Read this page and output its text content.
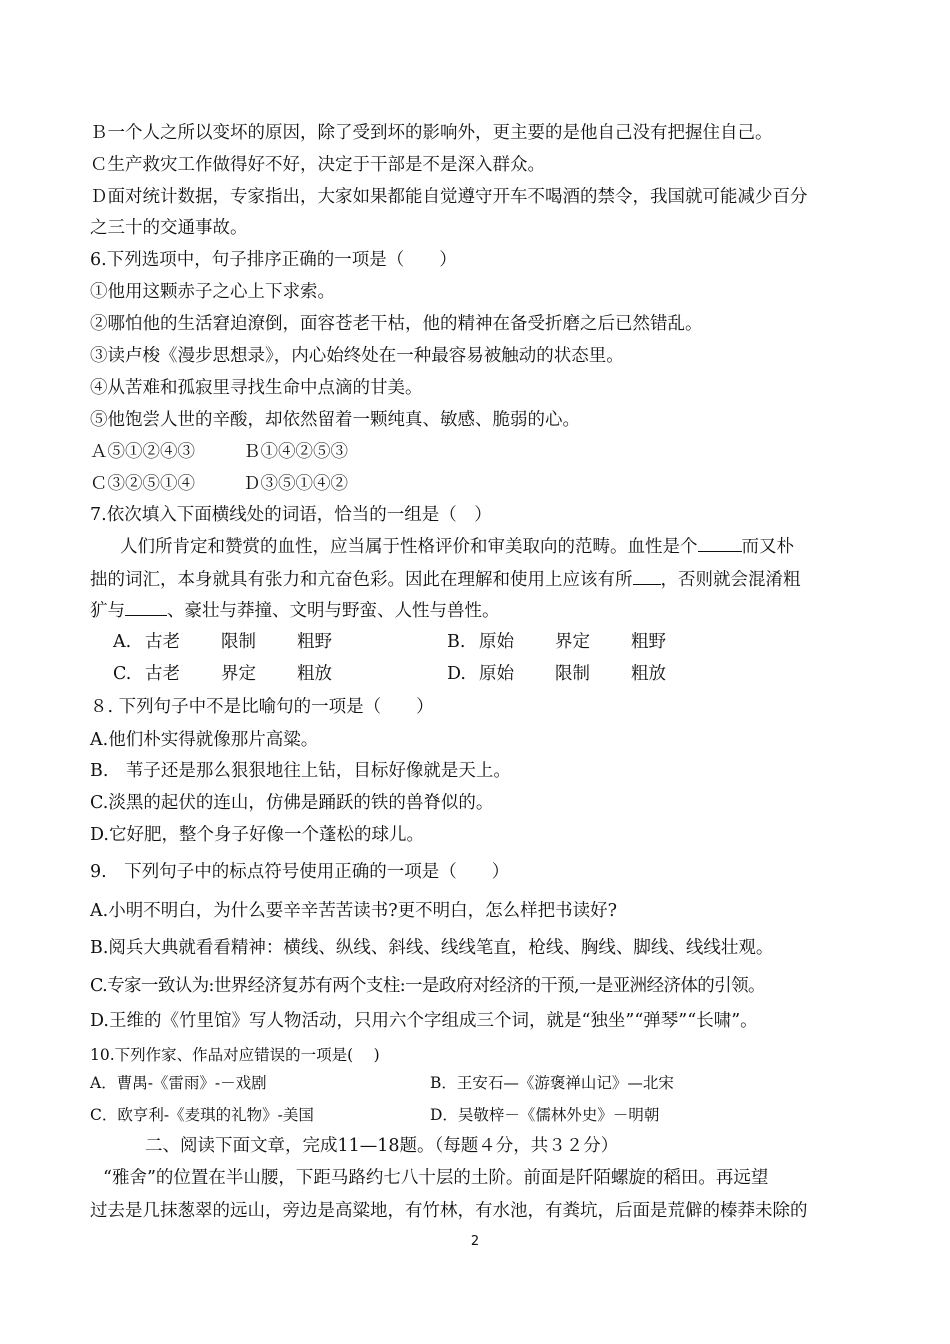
Ｂ一个人之所以变坏的原因，除了受到坏的影响外，更主要的是他自己没有把握住自己。
Ｃ生产救灾工作做得好不好，决定于干部是不是深入群众。
Ｄ面对统计数据，专家指出，大家如果都能自觉遵守开车不喝酒的禁令，我国就可能减少百分
之三十的交通事故。
6.下列选项中，句子排序正确的一项是（　　）
①他用这颗赤子之心上下求索。
②哪怕他的生活窘迫潦倒，面容苍老干枯，他的精神在备受折磨之后已然错乱。
③读卢梭《漫步思想录》，内心始终处在一种最容易被触动的状态里。
④从苦难和孤寂里寻找生命中点滴的甘美。
⑤他饱尝人世的辛酸，却依然留着一颗纯真、敏感、脆弱的心。
Ａ⑤①②④③	Ｂ①④②⑤③
Ｃ③②⑤①④	Ｄ③⑤①④②
7.依次填入下面横线处的词语，恰当的一组是（　）
人们所肯定和赞赏的血性，应当属于性格评价和审美取向的范畴。血性是个	而又朴
拙的词汇，本身就具有张力和亢奋色彩。因此在理解和使用上应该有所 ，否则就会混淆粗
犷与 、豪壮与莽撞、文明与野蛮、人性与兽性。
A. 古老 限制 粗野	B. 原始 界定 粗野
C. 古老 界定 粗放	D. 原始 限制 粗放
８. 下列句子中不是比喻句的一项是（　　）
A.他们朴实得就像那片高粱。
B.　苇子还是那么狠狠地往上钻，目标好像就是天上。
C.淡黑的起伏的连山，仿佛是踊跃的铁的兽脊似的。
D.它好肥，整个身子好像一个蓬松的球儿。
9.　下列句子中的标点符号使用正确的一项是（　　）
A.小明不明白，为什么要辛辛苦苦读书?更不明白，怎么样把书读好?
B.阅兵大典就看看精神：横线、纵线、斜线、线线笔直，枪线、胸线、脚线、线线壮观。
C.专家一致认为:世界经济复苏有两个支柱:一是政府对经济的干预,一是亚洲经济体的引领。
D.王维的《竹里馆》写人物活动，只用六个字组成三个词，就是“独坐”“弹琴”“长啸”。
10.下列作家、作品对应错误的一项是(　 )
A．曹禺-《雷雨》-－戏剧	B．王安石—《游褒禅山记》—北宋
C．欧亨利-《麦琪的礼物》-美国	D．吴敬梓－《儒林外史》－明朝
二、阅读下面文章，完成11—18题。（每题４分，共３２分）
“雅舍”的位置在半山腰，下距马路约七八十层的土阶。前面是阡陌螺旋的稻田。再远望
过去是几抹葱翠的远山，旁边是高粱地，有竹林，有水池，有粪坑，后面是荒僻的榛莽未除的
2
